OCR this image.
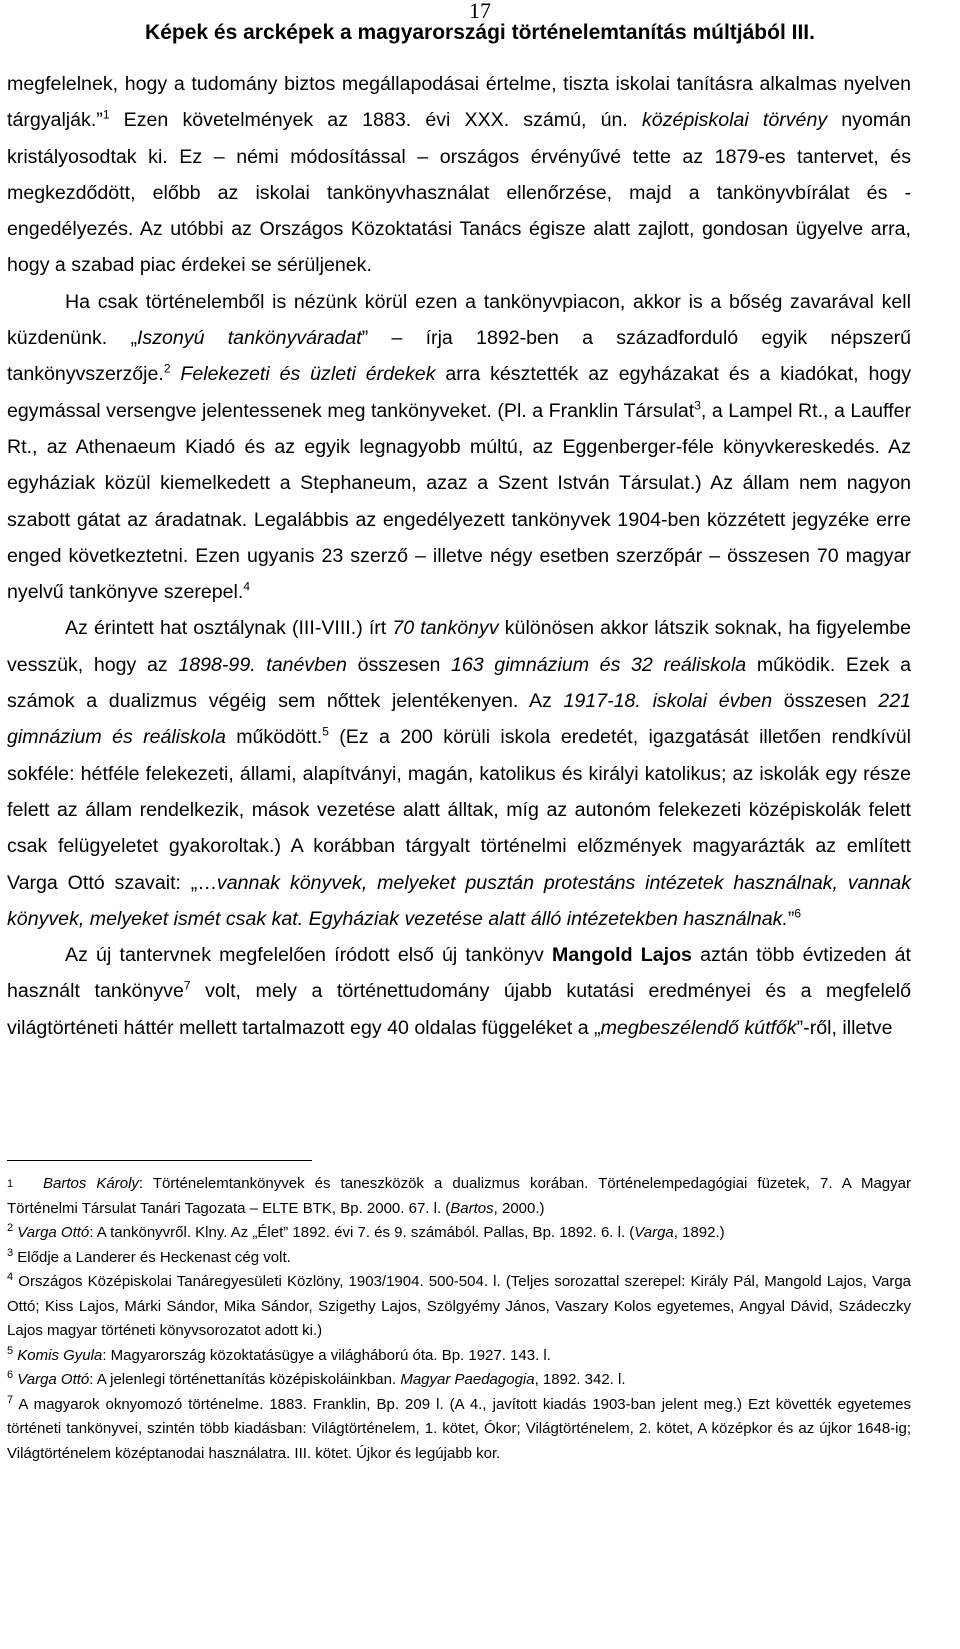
17
Képek és arcképek a magyarországi történelemtanítás múltjából III.

megfelelnek, hogy a tudomány biztos megállapodásai értelme, tiszta iskolai tanításra alkalmas nyelven tárgyalják.”$^1$ Ezen követelmények az 1883. évi XXX. számú, ún. középiskolai törvény nyomán kristályosodtak ki. Ez – némi módosítással – országos érvényűvé tette az 1879-es tantervet, és megkezdődött, előbb az iskolai tankönyvhasználat ellenőrzése, majd a tankönyvbírálat és -engedélyezés. Az utóbbi az Országos Közoktatási Tanács égisze alatt zajlott, gondosan ügyelve arra, hogy a szabad piac érdekei se sérüljenek.

Ha csak történelemből is nézünk körül ezen a tankönyvpiacon, akkor is a bőség zavarával kell küzdenünk. „Iszonyú tankönyváradat” – írja 1892-ben a századforduló egyik népszerű tankönyvszerzője.$^2$ Felekezeti és üzleti érdekek arra késztették az egyházakat és a kiadókat, hogy egymással versengve jelentessenek meg tankönyveket. (Pl. a Franklin Társulat$^3$, a Lampel Rt., a Lauffer Rt., az Athenaeum Kiadó és az egyik legnagyobb múltú, az Eggenberger-féle könyvkereskedés. Az egyháziak közül kiemelkedett a Stephaneum, azaz a Szent István Társulat.) Az állam nem nagyon szabott gátat az áradatnak. Legalábbis az engedélyezett tankönyvek 1904-ben közzétett jegyzéke erre enged következtetni. Ezen ugyanis 23 szerző – illetve négy esetben szerzőpár – összesen 70 magyar nyelvű tankönyve szerepel.$^4$

Az érintett hat osztálynak (III-VIII.) írt 70 tankönyv különösen akkor látszik soknak, ha figyelembe vesszük, hogy az 1898-99. tanévben összesen 163 gimnázium és 32 reáliskola működik. Ezek a számok a dualizmus végéig sem nőttek jelentékenyen. Az 1917-18. iskolai évben összesen 221 gimnázium és reáliskola működött.$^5$ (Ez a 200 körüli iskola eredetét, igazgatását illetően rendkívül sokféle: hétféle felekezeti, állami, alapítványi, magán, katolikus és királyi katolikus; az iskolák egy része felett az állam rendelkezik, mások vezetése alatt álltak, míg az autonóm felekezeti középiskolák felett csak felügyeletet gyakoroltak.) A korábban tárgyalt történelmi előzmények magyarázták az említett Varga Ottó szavait: „…vannak könyvek, melyeket pusztán protestáns intézetek használnak, vannak könyvek, melyeket ismét csak kat. Egyháziak vezetése alatt álló intézetekben használnak.”$^6$

Az új tantervnek megfelelően íródott első új tankönyv Mangold Lajos aztán több évtizeden át használt tankönyve$^7$ volt, mely a történettudomány újabb kutatási eredményei és a megfelelő világtörténeti háttér mellett tartalmazott egy 40 oldalas függeléket a „megbeszélendő kútfők”-ről, illetve

1 Bartos Károly: Történelemtankönyvek és taneszközök a dualizmus korában. Történelempedagógiai füzetek, 7. A Magyar Történelmi Társulat Tanári Tagozata – ELTE BTK, Bp. 2000. 67. l. (Bartos, 2000.)

$^2$ Varga Ottó: A tankönyvről. Klny. Az „Élet” 1892. évi 7. és 9. számából. Pallas, Bp. 1892. 6. l. (Varga, 1892.)

$^3$ Elődje a Landerer és Heckenast cég volt.

$^4$ Országos Középiskolai Tanáregyesületi Közlöny, 1903/1904. 500-504. l. (Teljes sorozattal szerepel: Király Pál, Mangold Lajos, Varga Ottó; Kiss Lajos, Márki Sándor, Mika Sándor, Szigethy Lajos, Szölgyémy János, Vaszary Kolos egyetemes, Angyal Dávid, Szádeczky Lajos magyar történeti könyvsorozatot adott ki.)

$^5$ Komis Gyula: Magyarország közoktatásügye a világháború óta. Bp. 1927. 143. l.

$^6$ Varga Ottó: A jelenlegi történettanítás középiskoláinkban. Magyar Paedagogia, 1892. 342. l.

$^7$ A magyarok oknyomozó történelme. 1883. Franklin, Bp. 209 l. (A 4., javított kiadás 1903-ban jelent meg.) Ezt követték egyetemes történeti tankönyvei, szintén több kiadásban: Világtörténelem, 1. kötet, Ókor; Világtörténelem, 2. kötet, A középkor és az újkor 1648-ig; Világtörténelem középtanodai használatra. III. kötet. Újkor és legújabb kor.
